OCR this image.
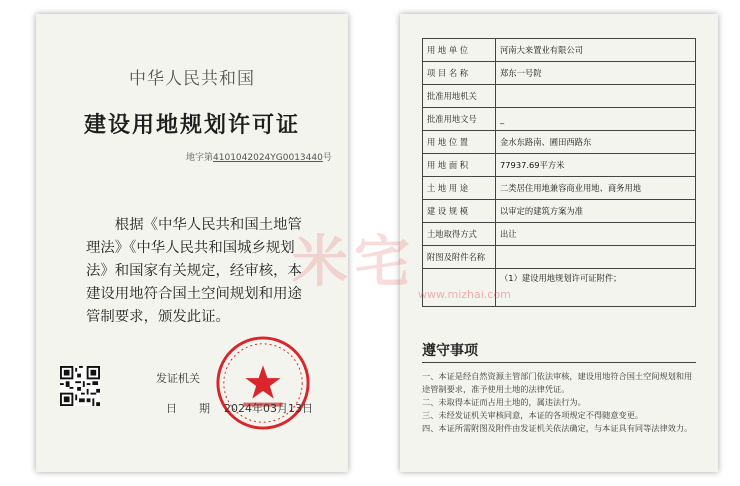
中华人民共和国
建设用地规划许可证
地字第4101042024YG0013440号
根据《中华人民共和国土地管理法》《中华人民共和国城乡规划法》和国家有关规定，经审核，本建设用地符合国土空间规划和用途管制要求，颁发此证。
发证机关
日　　期 2024年03月13日
用 地 单 位	河南大来置业有限公司
项 目 名 称	郑东一号院
批准用地机关	
批准用地文号	_
用 地 位 置	金水东路南、圃田西路东
用 地 面 积	77937.69平方米
土 地 用 途	二类居住用地兼容商业用地、商务用地
建 设 规 模	以审定的建筑方案为准
土地取得方式	出让
附图及附件名称	
	（1）建设用地规划许可证附件；
遵守事项
一、本证是经自然资源主管部门依法审核，建设用地符合国土空间规划和用途管制要求，准予使用土地的法律凭证。
二、未取得本证而占用土地的，属违法行为。
三、未经发证机关审核同意，本证的各项规定不得随意变更。
四、本证所需附图及附件由发证机关依法确定，与本证具有同等法律效力。
米宅 www.mizhai.com
